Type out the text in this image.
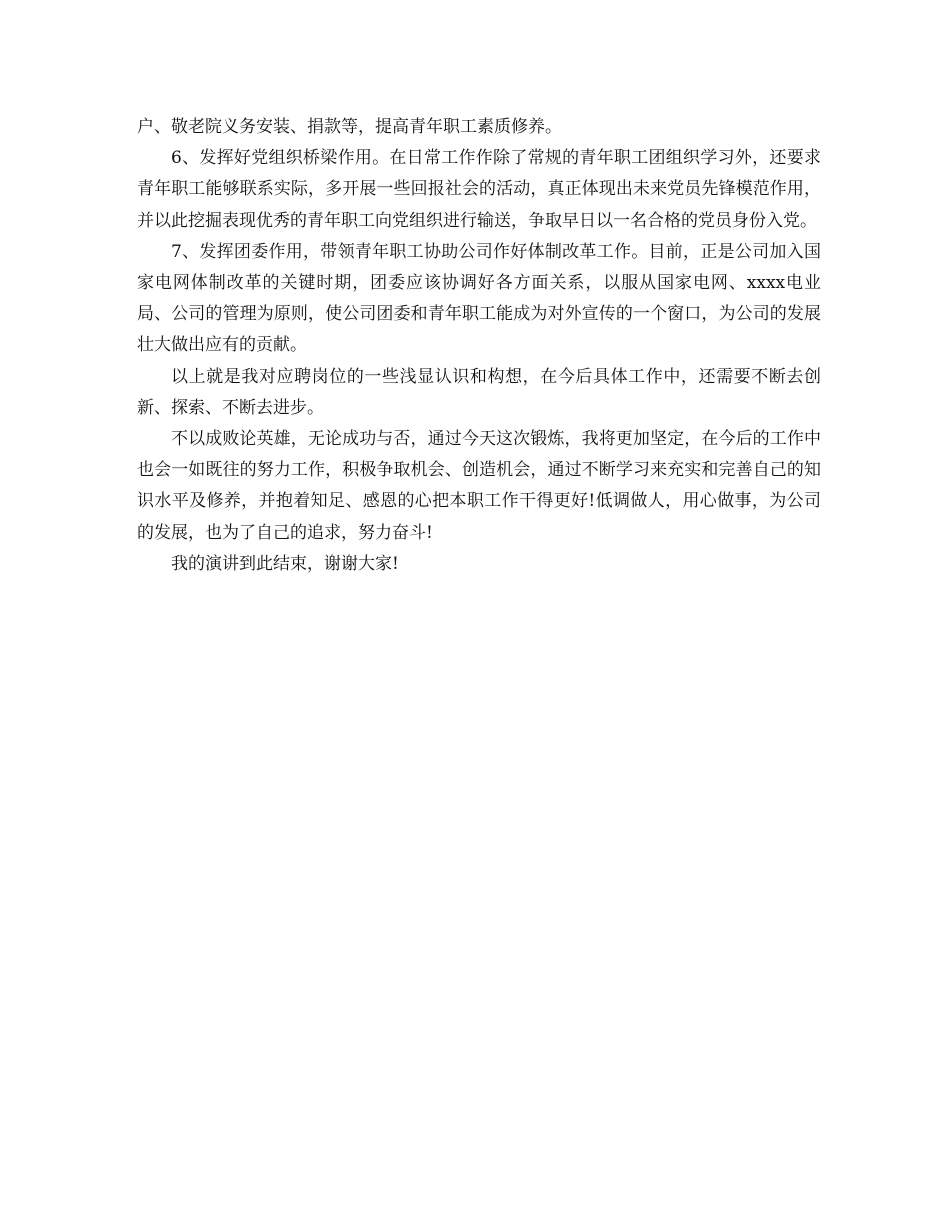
户、敬老院义务安装、捐款等，提高青年职工素质修养。

6、发挥好党组织桥梁作用。在日常工作作除了常规的青年职工团组织学习外，还要求青年职工能够联系实际，多开展一些回报社会的活动，真正体现出未来党员先锋模范作用，并以此挖掘表现优秀的青年职工向党组织进行输送，争取早日以一名合格的党员身份入党。

7、发挥团委作用，带领青年职工协助公司作好体制改革工作。目前，正是公司加入国家电网体制改革的关键时期，团委应该协调好各方面关系，以服从国家电网、xxxx电业局、公司的管理为原则，使公司团委和青年职工能成为对外宣传的一个窗口，为公司的发展壮大做出应有的贡献。

以上就是我对应聘岗位的一些浅显认识和构想，在今后具体工作中，还需要不断去创新、探索、不断去进步。

不以成败论英雄，无论成功与否，通过今天这次锻炼，我将更加坚定，在今后的工作中也会一如既往的努力工作，积极争取机会、创造机会，通过不断学习来充实和完善自己的知识水平及修养，并抱着知足、感恩的心把本职工作干得更好!低调做人，用心做事，为公司的发展，也为了自己的追求，努力奋斗!

我的演讲到此结束，谢谢大家!
